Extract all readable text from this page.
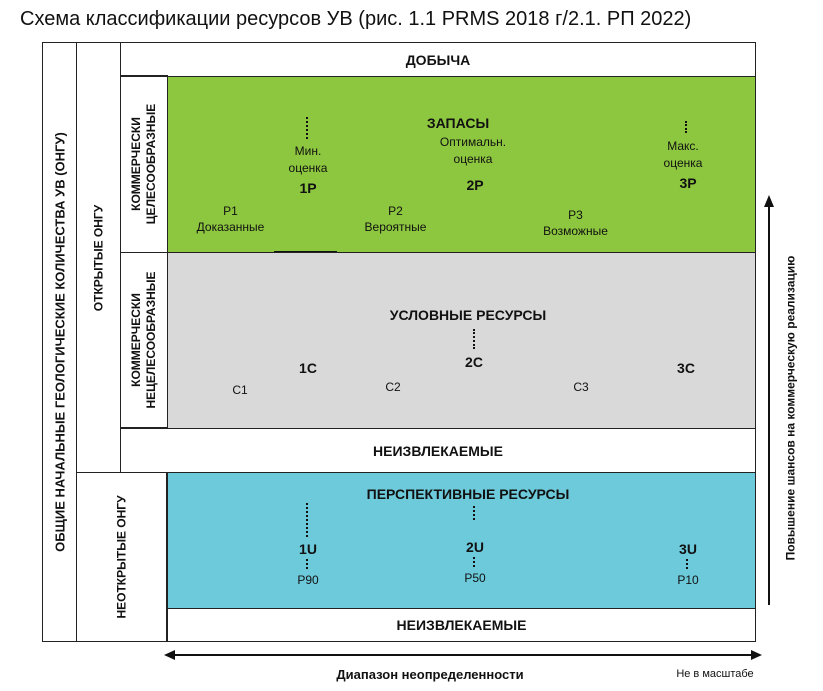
Схема классификации ресурсов УВ (рис. 1.1 PRMS 2018 г/2.1. РП 2022)
ОБЩИЕ НАЧАЛЬНЫЕ ГЕОЛОГИЧЕСКИЕ КОЛИЧЕСТВА УВ (ОНГУ) ОТКРЫТЫЕ ОНГУ
НЕОТКРЫТЫЕ ОНГУ
КОММЕРЧЕСКИ
ЦЕЛЕСООБРАЗНЫЕ
КОММЕРЧЕСКИ
НЕЦЕЛЕСООБРАЗНЫЕ
ДОБЫЧА
ЗАПАСЫ
Мин.
оценка
1P
Оптимальн.
оценка
2P
Макс.
оценка
3P
P1
Доказанные
P2
Вероятные
P3
Возможные
УСЛОВНЫЕ РЕСУРСЫ
1C	2C	3C
C1	C2	C3
НЕИЗВЛЕКАЕМЫЕ
ПЕРСПЕКТИВНЫЕ РЕСУРСЫ
1U	2U	3U
P90	P50	P10
НЕИЗВЛЕКАЕМЫЕ
Диапазон неопределенности	Не в масштабе
Повышение шансов на коммерческую реализацию
